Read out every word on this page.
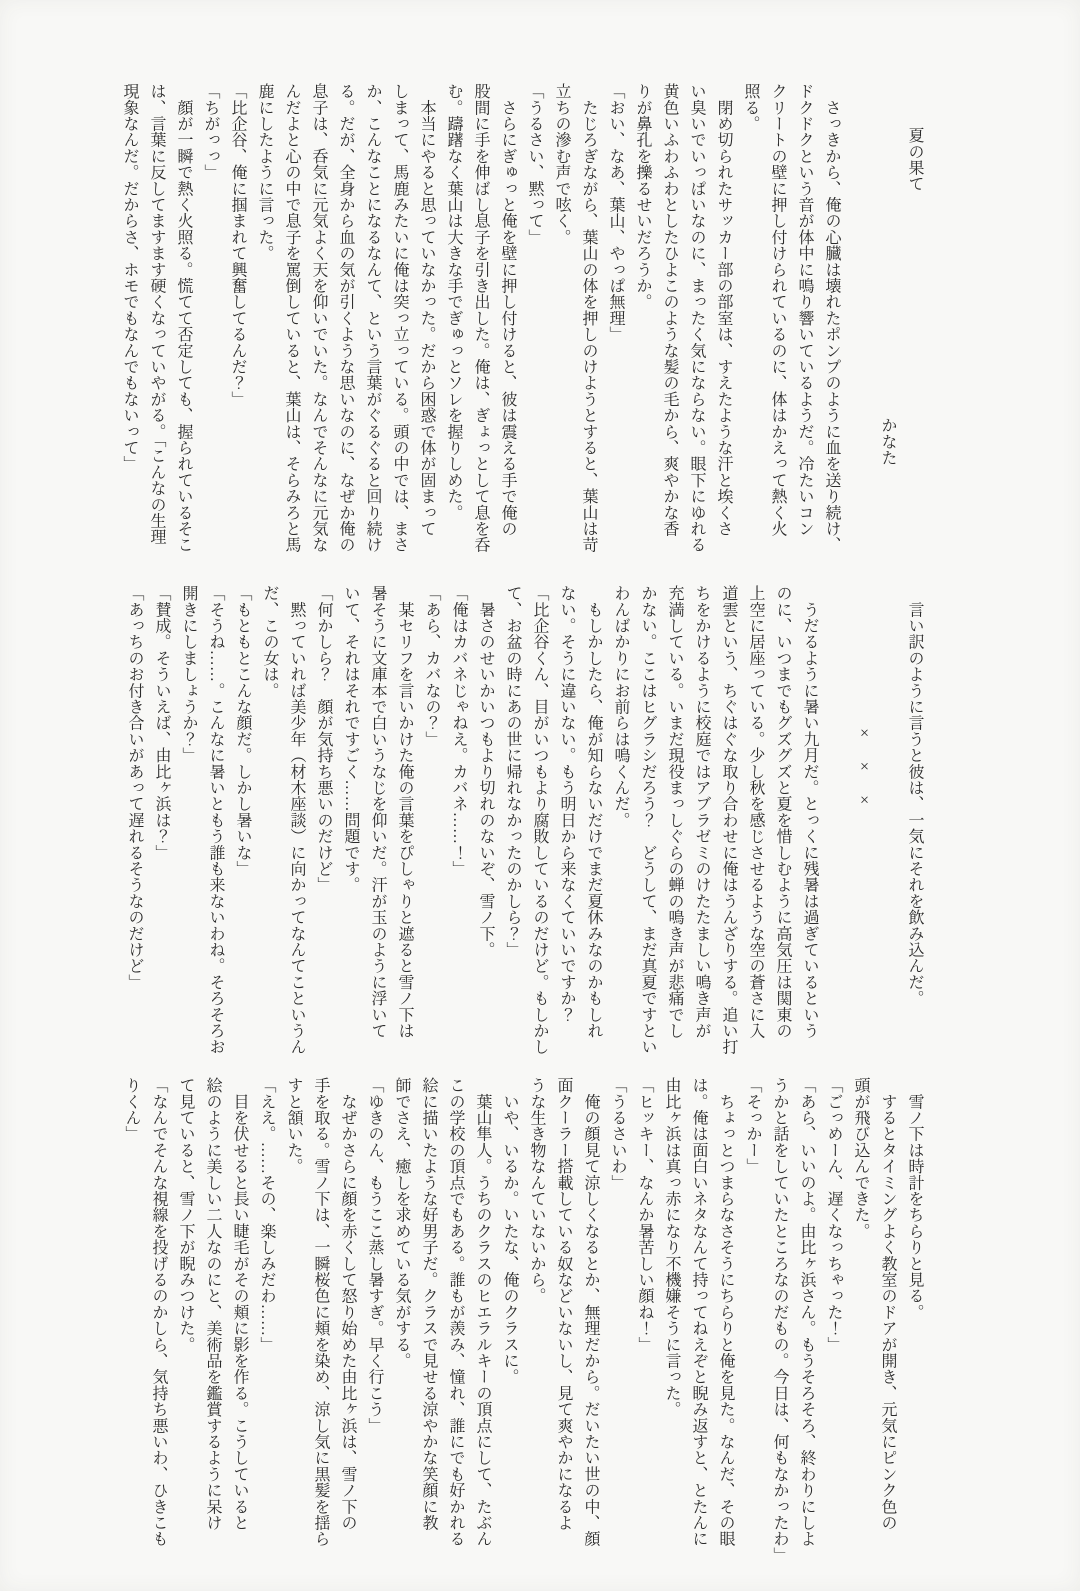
夏の果て

かなた

　さっきから、俺の心臓は壊れたポンプのように血を送り続け、

ドクドクという音が体中に鳴り響いているようだ。冷たいコン

クリートの壁に押し付けられているのに、体はかえって熱く火

照る。

　閉め切られたサッカー部の部室は、すえたような汗と埃くさ

い臭いでいっぱいなのに、まったく気にならない。眼下にゆれる

黄色いふわふわとしたひよこのような髪の毛から、爽やかな香

りが鼻孔を擽るせいだろうか。

「おい、なあ、葉山、やっぱ無理」

　たじろぎながら、葉山の体を押しのけようとすると、葉山は苛

立ちの滲む声で呟く。

「うるさい、黙って」

　さらにぎゅっと俺を壁に押し付けると、彼は震える手で俺の

股間に手を伸ばし息子を引き出した。俺は、ぎょっとして息を呑

む。躊躇なく葉山は大きな手でぎゅっとソレを握りしめた。

　本当にやると思っていなかった。だから困惑で体が固まって

しまって、馬鹿みたいに俺は突っ立っている。頭の中では、まさ

か、こんなことになるなんて、という言葉がぐるぐると回り続け

る。だが、全身から血の気が引くような思いなのに、なぜか俺の

息子は、呑気に元気よく天を仰いでいた。なんでそんなに元気な

んだよと心の中で息子を罵倒していると、葉山は、そらみろと馬

鹿にしたように言った。

「比企谷、俺に掴まれて興奮してるんだ？」

「ちがっっ」

　顔が一瞬で熱く火照る。慌てて否定しても、握られているそこ

は、言葉に反してますます硬くなっていやがる。「こんなの生理

現象なんだ。だからさ、ホモでもなんでもないって」

　言い訳のように言うと彼は、一気にそれを飲み込んだ。

×　×　×

　うだるように暑い九月だ。とっくに残暑は過ぎているという

のに、いつまでもグズグズと夏を惜しむように高気圧は関東の

上空に居座っている。少し秋を感じさせるような空の蒼さに入

道雲という、ちぐはぐな取り合わせに俺はうんざりする。追い打

ちをかけるように校庭ではアブラゼミのけたたましい鳴き声が

充満している。いまだ現役まっしぐらの蝉の鳴き声が悲痛でし

かない。ここはヒグラシだろう？　どうして、まだ真夏ですとい

わんばかりにお前らは鳴くんだ。

　もしかしたら、俺が知らないだけでまだ夏休みなのかもしれ

ない。そうに違いない。もう明日から来なくていいですか？

「比企谷くん、目がいつもより腐敗しているのだけど。もしかし

て、お盆の時にあの世に帰れなかったのかしら？」

　暑さのせいかいつもより切れのないぞ、雪ノ下。

「俺はカバネじゃねえ。カバネ……！」

「あら、カバなの？」

　某セリフを言いかけた俺の言葉をぴしゃりと遮ると雪ノ下は

暑そうに文庫本で白いうなじを仰いだ。汗が玉のように浮いて

いて、それはそれですごく……問題です。

「何かしら？　顔が気持ち悪いのだけど」

　黙っていれば美少年（材木座談）に向かってなんてこというん

だ、この女は。

「もともとこんな顔だ。しかし暑いな」

「そうね……。こんなに暑いともう誰も来ないわね。そろそろお

開きにしましょうか？」

「賛成。そういえば、由比ヶ浜は？」

「あっちのお付き合いがあって遅れるそうなのだけど」

　雪ノ下は時計をちらりと見る。

　するとタイミングよく教室のドアが開き、元気にピンク色の

頭が飛び込んできた。

「ごっめーん、遅くなっちゃった！」

「あら、いいのよ。由比ヶ浜さん。もうそろそろ、終わりにしよ

うかと話をしていたところなのだもの。今日は、何もなかったわ」

「そっかー」

　ちょっとつまらなさそうにちらりと俺を見た。なんだ、その眼

は。俺は面白いネタなんて持ってねえぞと睨み返すと、とたんに

由比ヶ浜は真っ赤になり不機嫌そうに言った。

「ヒッキー、なんか暑苦しい顔ね！」

「うるさいわ」

　俺の顔見て涼しくなるとか、無理だから。だいたい世の中、顔

面クーラー搭載している奴などいないし、見て爽やかになるよ

うな生き物なんていないから。

　いや、いるか。いたな、俺のクラスに。

　葉山隼人。うちのクラスのヒエラルキーの頂点にして、たぶん

この学校の頂点でもある。誰もが羨み、憧れ、誰にでも好かれる

絵に描いたような好男子だ。クラスで見せる涼やかな笑顔に教

師でさえ、癒しを求めている気がする。

「ゆきのん、もうここ蒸し暑すぎ。早く行こう」

　なぜかさらに顔を赤くして怒り始めた由比ヶ浜は、雪ノ下の

手を取る。雪ノ下は、一瞬桜色に頬を染め、涼し気に黒髪を揺ら

すと頷いた。

「ええ。……その、楽しみだわ……」

　目を伏せると長い睫毛がその頬に影を作る。こうしていると

絵のように美しい二人なのにと、美術品を鑑賞するように呆け

て見ていると、雪ノ下が睨みつけた。

「なんでそんな視線を投げるのかしら、気持ち悪いわ、ひきこも

りくん」
